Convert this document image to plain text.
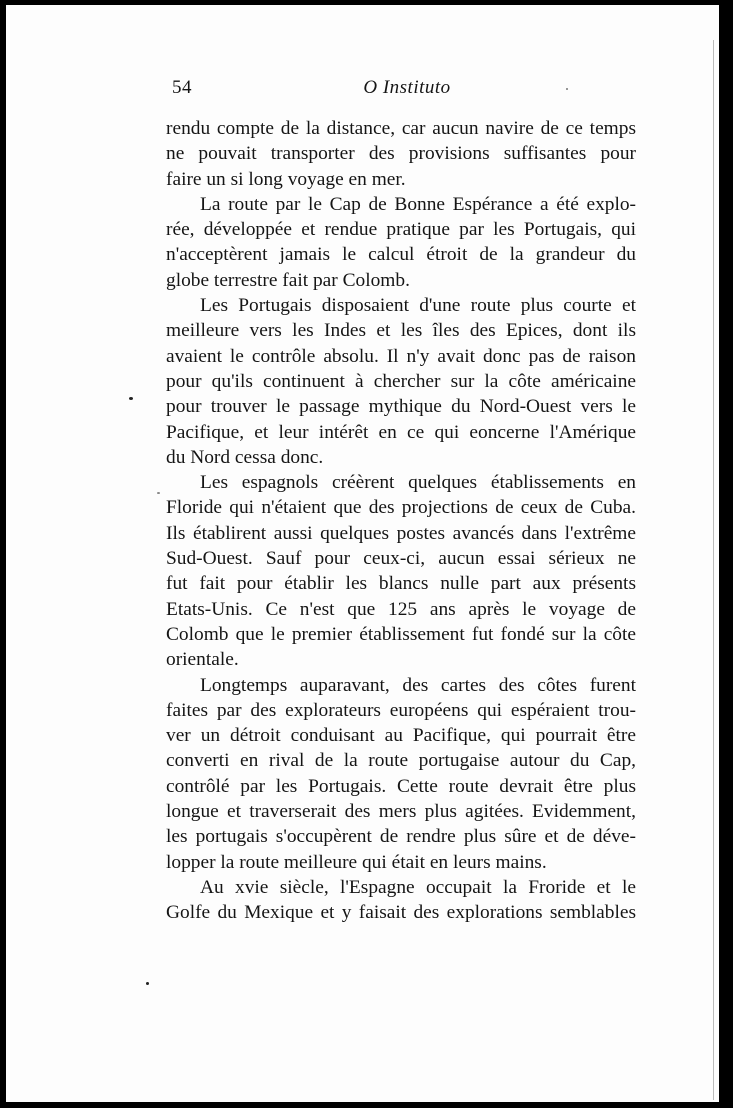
54	O Instituto
rendu compte de la distance, car aucun navire de ce temps
ne pouvait transporter des provisions suffisantes pour
faire un si long voyage en mer.
La route par le Cap de Bonne Espérance a été explo-
rée, développée et rendue pratique par les Portugais, qui
n'acceptèrent jamais le calcul étroit de la grandeur du
globe terrestre fait par Colomb.
Les Portugais disposaient d'une route plus courte et
meilleure vers les Indes et les îles des Epices, dont ils
avaient le contrôle absolu. Il n'y avait donc pas de raison
pour qu'ils continuent à chercher sur la côte américaine
pour trouver le passage mythique du Nord-Ouest vers le
Pacifique, et leur intérêt en ce qui eoncerne l'Amérique
du Nord cessa donc.
Les espagnols créèrent quelques établissements en
Floride qui n'étaient que des projections de ceux de Cuba.
Ils établirent aussi quelques postes avancés dans l'extrême
Sud-Ouest. Sauf pour ceux-ci, aucun essai sérieux ne
fut fait pour établir les blancs nulle part aux présents
Etats-Unis. Ce n'est que 125 ans après le voyage de
Colomb que le premier établissement fut fondé sur la côte
orientale.
Longtemps auparavant, des cartes des côtes furent
faites par des explorateurs européens qui espéraient trou-
ver un détroit conduisant au Pacifique, qui pourrait être
converti en rival de la route portugaise autour du Cap,
contrôlé par les Portugais. Cette route devrait être plus
longue et traverserait des mers plus agitées. Evidemment,
les portugais s'occupèrent de rendre plus sûre et de déve-
lopper la route meilleure qui était en leurs mains.
Au xvie siècle, l'Espagne occupait la Froride et le
Golfe du Mexique et y faisait des explorations semblables
